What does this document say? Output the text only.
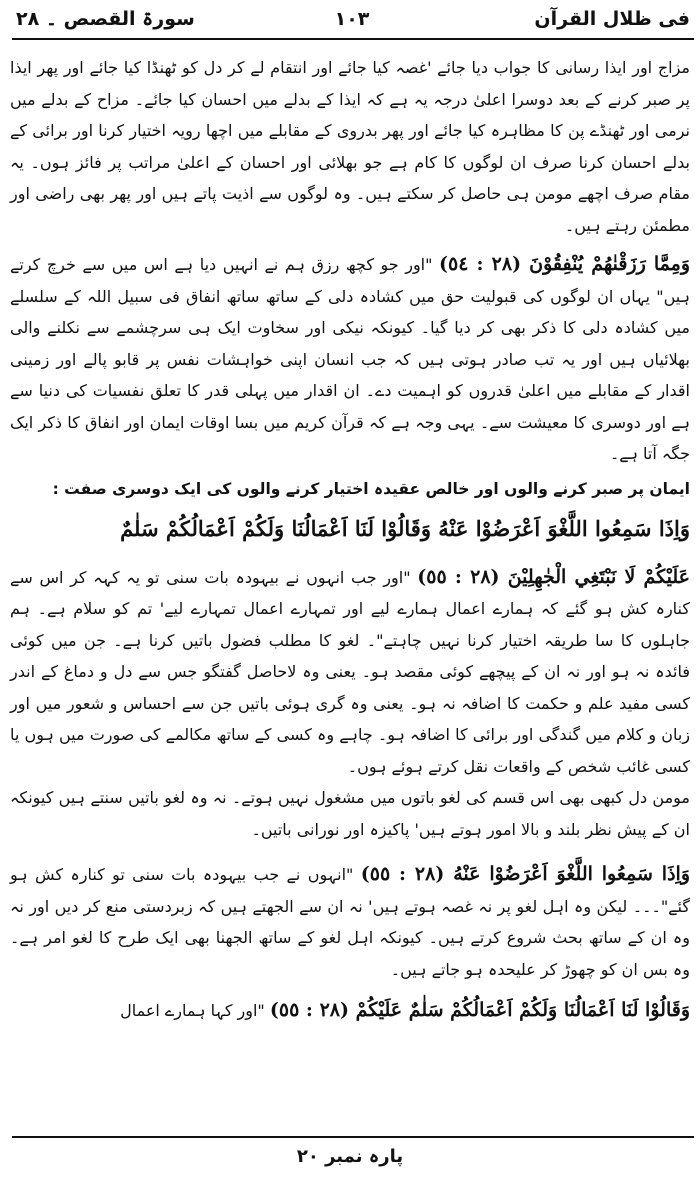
فی ظلال القرآن
١٠٣
سورۃ القصص ۔ ٢٨

مزاج اور ایذا رسانی کا جواب دیا جائے 'غصہ کیا جائے اور انتقام لے کر دل کو ٹھنڈا کیا جائے اور پھر ایذا پر صبر کرنے کے بعد دوسرا اعلیٰ درجہ یہ ہے کہ ایذا کے بدلے میں احسان کیا جائے۔ مزاح کے بدلے میں نرمی اور ٹھنڈے پن کا مظاہرہ کیا جائے اور پھر بدروی کے مقابلے میں اچھا رویہ اختیار کرنا اور برائی کے بدلے احسان کرنا صرف ان لوگوں کا کام ہے جو بھلائی اور احسان کے اعلیٰ مراتب پر فائز ہوں۔ یہ مقام صرف اچھے مومن ہی حاصل کر سکتے ہیں۔ وہ لوگوں سے اذیت پاتے ہیں اور پھر بھی راضی اور مطمئن رہتے ہیں۔

وَمِمَّا رَزَقْنٰهُمْ يُنْفِقُوْنَ (٢٨ : ٥٤) "اور جو کچھ رزق ہم نے انہیں دیا ہے اس میں سے خرچ کرتے ہیں" یہاں ان لوگوں کی قبولیت حق میں کشادہ دلی کے ساتھ ساتھ انفاق فی سبیل اللہ کے سلسلے میں کشادہ دلی کا ذکر بھی کر دیا گیا۔ کیونکہ نیکی اور سخاوت ایک ہی سرچشمے سے نکلنے والی بھلائیاں ہیں اور یہ تب صادر ہوتی ہیں کہ جب انسان اپنی خواہشات نفس پر قابو پالے اور زمینی اقدار کے مقابلے میں اعلیٰ قدروں کو اہمیت دے۔ ان اقدار میں پہلی قدر کا تعلق نفسیات کی دنیا سے ہے اور دوسری کا معیشت سے۔ یہی وجہ ہے کہ قرآن کریم میں بسا اوقات ایمان اور انفاق کا ذکر ایک جگہ آتا ہے۔

ایمان پر صبر کرنے والوں اور خالص عقیدہ اختیار کرنے والوں کی ایک دوسری صفت :

وَاِذَا سَمِعُوا اللَّغْوَ اَعْرَضُوْا عَنْهُ وَقَالُوْا لَنَا اَعْمَالُنَا وَلَكُمْ اَعْمَالُكُمْ سَلٰمٌ

عَلَيْكُمْ لَا نَبْتَغِي الْجٰهِلِيْنَ (٢٨ : ٥٥) "اور جب انہوں نے بیہودہ بات سنی تو یہ کہہ کر اس سے کنارہ کش ہو گئے کہ ہمارے اعمال ہمارے لیے اور تمہارے اعمال تمہارے لیے' تم کو سلام ہے۔ ہم جاہلوں کا سا طریقہ اختیار کرنا نہیں چاہتے"۔ لغو کا مطلب فضول باتیں کرنا ہے۔ جن میں کوئی فائدہ نہ ہو اور نہ ان کے پیچھے کوئی مقصد ہو۔ یعنی وہ لاحاصل گفتگو جس سے دل و دماغ کے اندر کسی مفید علم و حکمت کا اضافہ نہ ہو۔ یعنی وہ گری ہوئی باتیں جن سے احساس و شعور میں اور زبان و کلام میں گندگی اور برائی کا اضافہ ہو۔ چاہے وہ کسی کے ساتھ مکالمے کی صورت میں ہوں یا کسی غائب شخص کے واقعات نقل کرتے ہوئے ہوں۔

مومن دل کبھی بھی اس قسم کی لغو باتوں میں مشغول نہیں ہوتے۔ نہ وہ لغو باتیں سنتے ہیں کیونکہ ان کے پیش نظر بلند و بالا امور ہوتے ہیں' پاکیزہ اور نورانی باتیں۔

وَاِذَا سَمِعُوا اللَّغْوَ اَعْرَضُوْا عَنْهُ (٢٨ : ٥٥) "انہوں نے جب بیہودہ بات سنی تو کنارہ کش ہو گئے"۔۔۔ لیکن وہ اہل لغو پر نہ غصہ ہوتے ہیں' نہ ان سے الجھتے ہیں کہ زبردستی منع کر دیں اور نہ وہ ان کے ساتھ بحث شروع کرتے ہیں۔ کیونکہ اہل لغو کے ساتھ الجھنا بھی ایک طرح کا لغو امر ہے۔ وہ بس ان کو چھوڑ کر علیحدہ ہو جاتے ہیں۔

وَقَالُوْا لَنَا اَعْمَالُنَا وَلَكُمْ اَعْمَالُكُمْ سَلٰمٌ عَلَيْكُمْ (٢٨ : ٥٥) "اور کہا ہمارے اعمال

پارہ نمبر ٢٠
